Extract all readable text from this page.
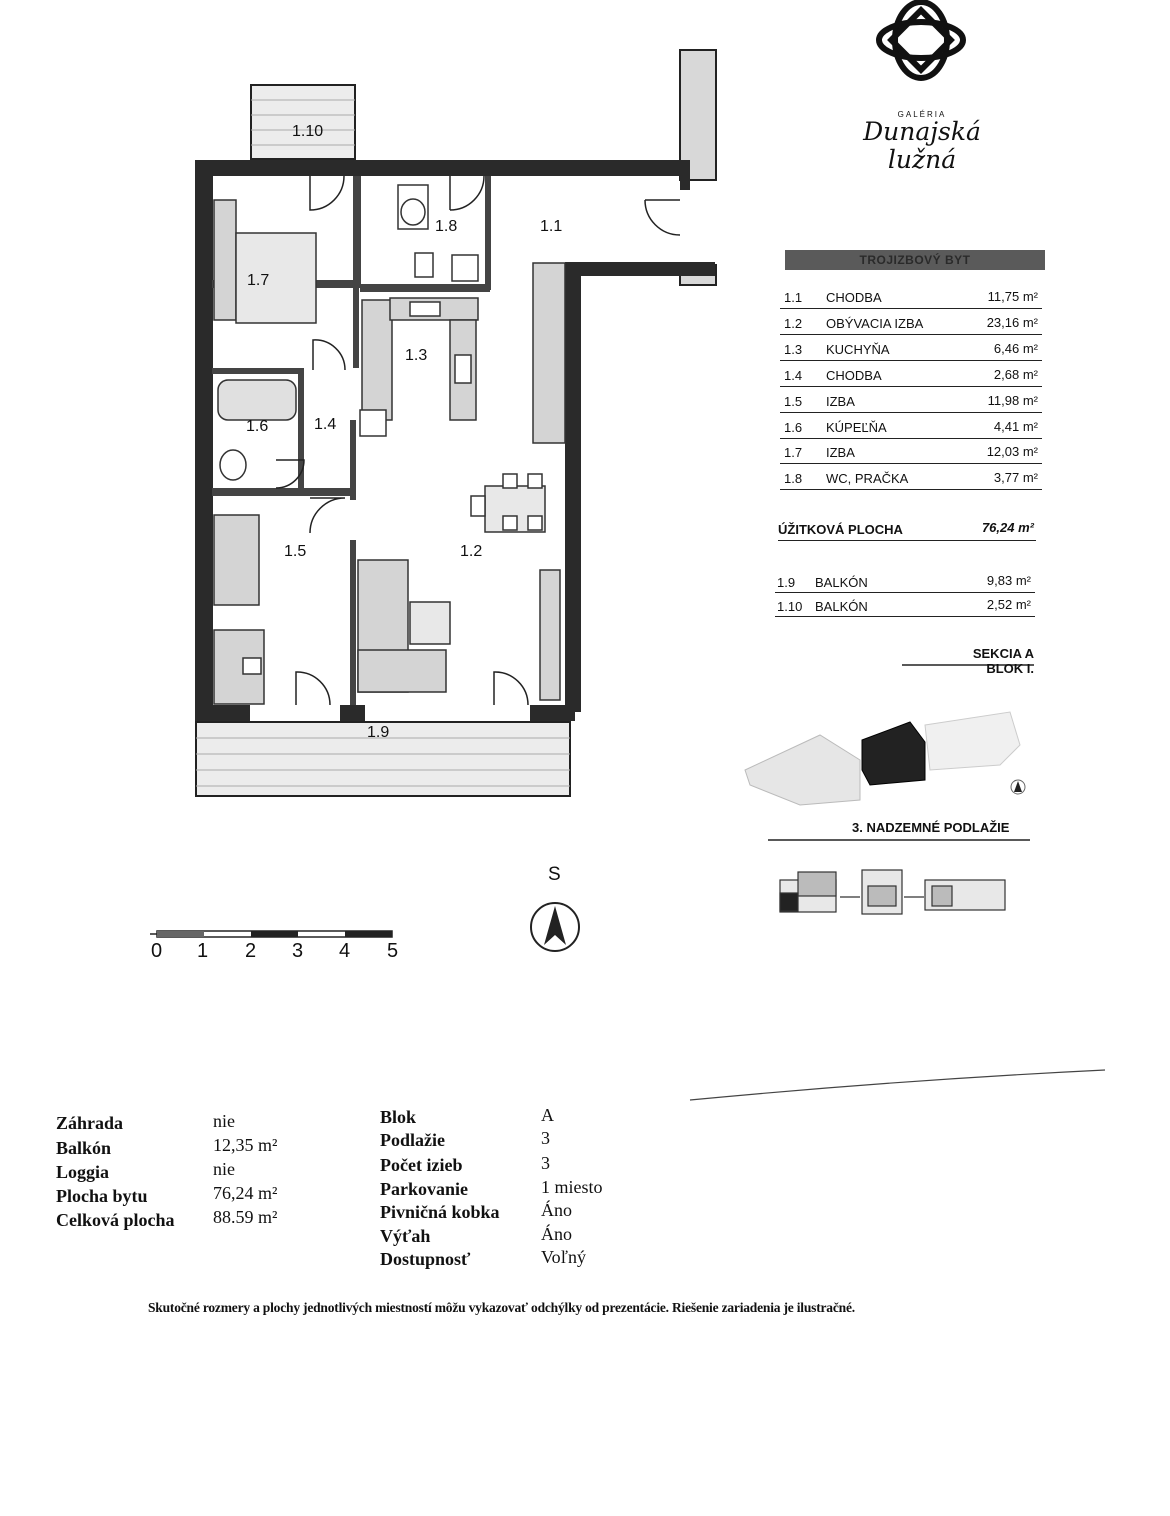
1.10
1.1
1.8
1.7
1.3
1.6	1.4
1.5	1.2
1.9
GALÉRIA
Dunajská
lužná
TROJIZBOVÝ BYT
1.1 CHODBA	11,75 m²
1.2 OBÝVACIA IZBA	23,16 m²
1.3 KUCHYŇA	6,46 m²
1.4 CHODBA	2,68 m²
1.5 IZBA	11,98 m²
1.6 KÚPEĽŇA	4,41 m²
1.7 IZBA	12,03 m²
1.8 WC, PRAČKA	3,77 m²
ÚŽITKOVÁ PLOCHA	76,24 m²
1.9 BALKÓN	9,83 m²
1.10 BALKÓN	2,52 m²
SEKCIA A
BLOK I.
3. NADZEMNÉ PODLAŽIE
S
0 1 2 3 4 5
Záhrada	nie
Balkón	12,35 m²
Loggia	nie
Plocha bytu	76,24 m²
Celková plocha 88.59 m²
Blok	A
Podlažie	3
Počet izieb	3
Parkovanie	1 miesto
Pivničná kobka Áno
Výťah	Áno
Dostupnosť	Voľný
Skutočné rozmery a plochy jednotlivých miestností môžu vykazovať odchýlky od prezentácie. Riešenie zariadenia je ilustračné.
